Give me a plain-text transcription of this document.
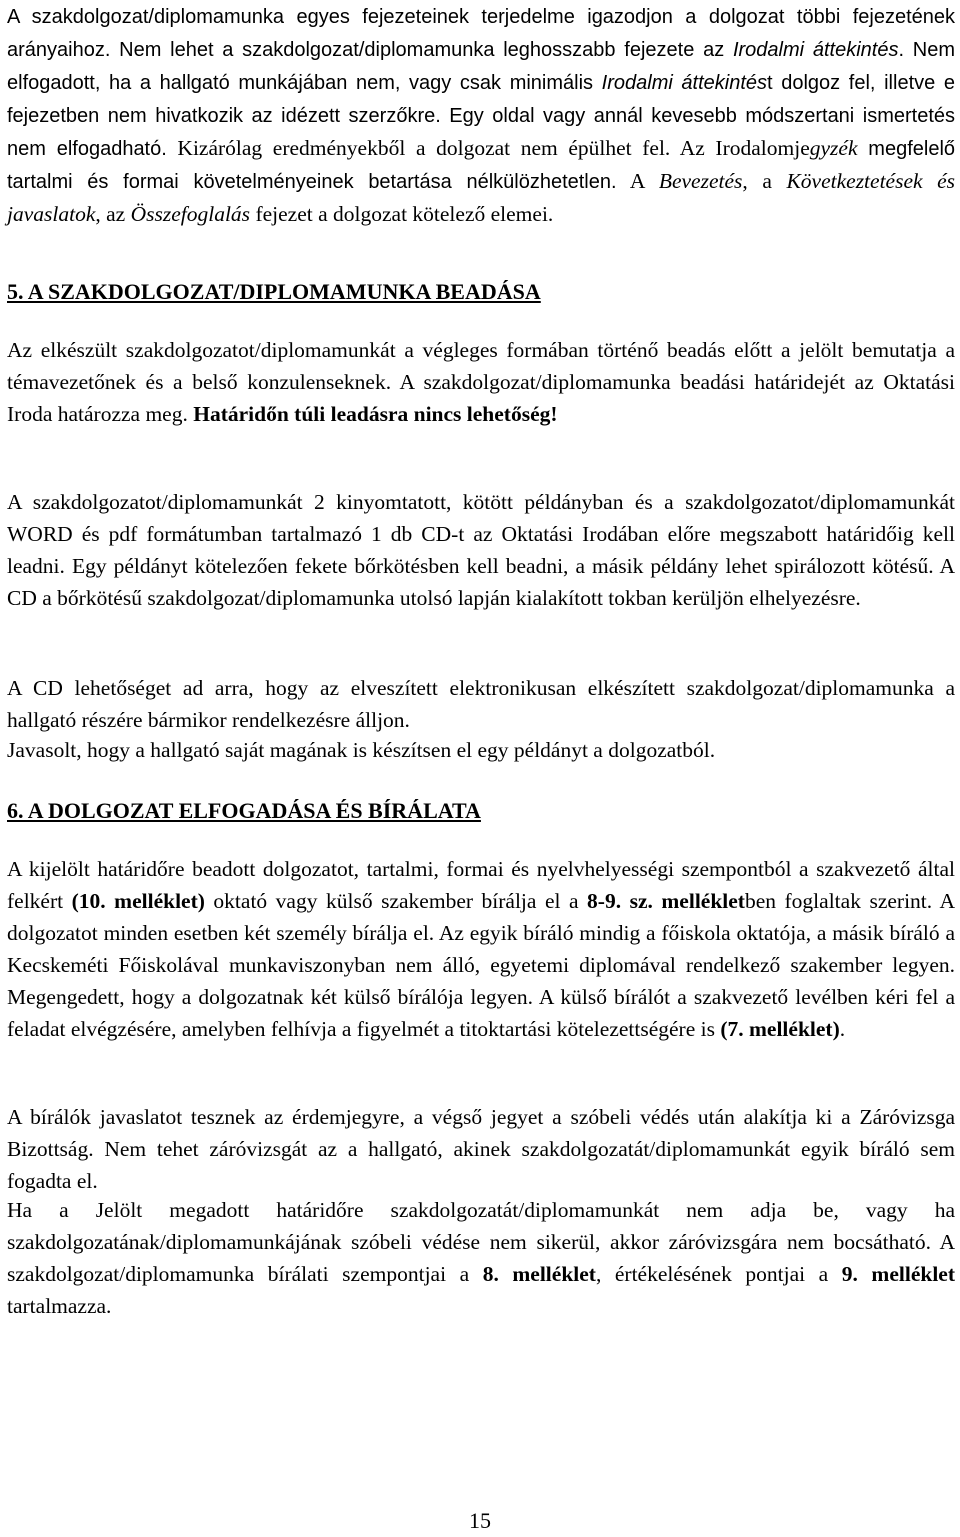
A szakdolgozat/diplomamunka egyes fejezeteinek terjedelme igazodjon a dolgozat többi fejezetének arányaihoz. Nem lehet a szakdolgozat/diplomamunka leghosszabb fejezete az Irodalmi áttekintés. Nem elfogadott, ha a hallgató munkájában nem, vagy csak minimális Irodalmi áttekintést dolgoz fel, illetve e fejezetben nem hivatkozik az idézett szerzőkre. Egy oldal vagy annál kevesebb módszertani ismertetés nem elfogadható. Kizárólag eredményekből a dolgozat nem épülhet fel. Az Irodalomjegyzék megfelelő tartalmi és formai követelményeinek betartása nélkülözhetetlen. A Bevezetés, a Következtetések és javaslatok, az Összefoglalás fejezet a dolgozat kötelező elemei.

5. A SZAKDOLGOZAT/DIPLOMAMUNKA BEADÁSA

Az elkészült szakdolgozatot/diplomamunkát a végleges formában történő beadás előtt a jelölt bemutatja a témavezetőnek és a belső konzulenseknek. A szakdolgozat/diplomamunka beadási határidejét az Oktatási Iroda határozza meg. Határidőn túli leadásra nincs lehetőség!

A szakdolgozatot/diplomamunkát 2 kinyomtatott, kötött példányban és a szakdolgozatot/diplomamunkát WORD és pdf formátumban tartalmazó 1 db CD-t az Oktatási Irodában előre megszabott határidőig kell leadni. Egy példányt kötelezően fekete bőrkötésben kell beadni, a másik példány lehet spirálozott kötésű. A CD a bőrkötésű szakdolgozat/diplomamunka utolsó lapján kialakított tokban kerüljön elhelyezésre.

A CD lehetőséget ad arra, hogy az elveszített elektronikusan elkészített szakdolgozat/diplomamunka a hallgató részére bármikor rendelkezésre álljon.

Javasolt, hogy a hallgató saját magának is készítsen el egy példányt a dolgozatból.

6. A DOLGOZAT ELFOGADÁSA ÉS BÍRÁLATA

A kijelölt határidőre beadott dolgozatot, tartalmi, formai és nyelvhelyességi szempontból a szakvezető által felkért (10. melléklet) oktató vagy külső szakember bírálja el a 8-9. sz. mellékletben foglaltak szerint. A dolgozatot minden esetben két személy bírálja el. Az egyik bíráló mindig a főiskola oktatója, a másik bíráló a Kecskeméti Főiskolával munkaviszonyban nem álló, egyetemi diplomával rendelkező szakember legyen. Megengedett, hogy a dolgozatnak két külső bírálója legyen. A külső bírálót a szakvezető levélben kéri fel a feladat elvégzésére, amelyben felhívja a figyelmét a titoktartási kötelezettségére is (7. melléklet).

A bírálók javaslatot tesznek az érdemjegyre, a végső jegyet a szóbeli védés után alakítja ki a Záróvizsga Bizottság. Nem tehet záróvizsgát az a hallgató, akinek szakdolgozatát/diplomamunkát egyik bíráló sem fogadta el.

Ha a Jelölt megadott határidőre szakdolgozatát/diplomamunkát nem adja be, vagy ha szakdolgozatának/diplomamunkájának szóbeli védése nem sikerül, akkor záróvizsgára nem bocsátható. A szakdolgozat/diplomamunka bírálati szempontjai a 8. melléklet, értékelésének pontjai a 9. melléklet tartalmazza.

15
